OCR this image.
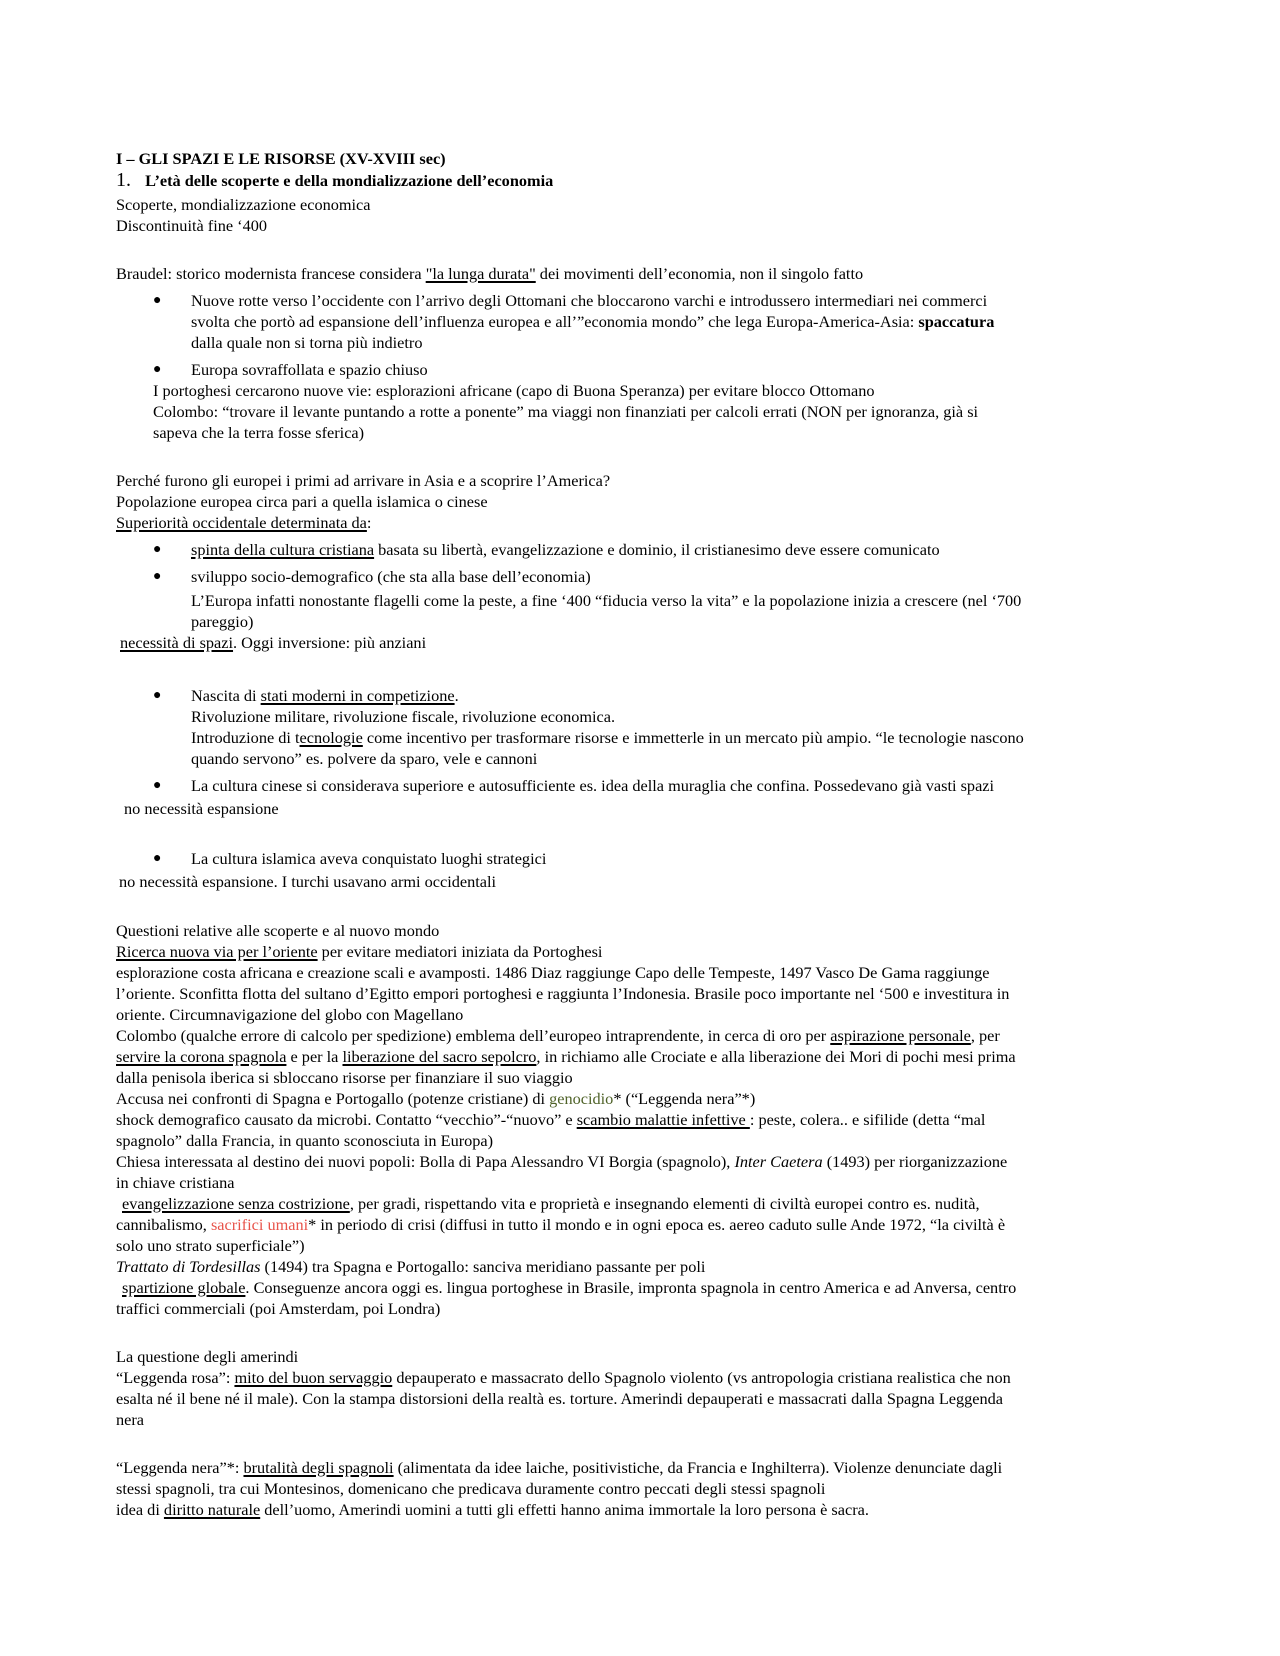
I – GLI SPAZI E LE RISORSE (XV-XVIII sec)
1. L’età delle scoperte e della mondializzazione dell’economia
Scoperte, mondializzazione economica
Discontinuità fine ‘400
Braudel: storico modernista francese considera "la lunga durata" dei movimenti dell’economia, non il singolo fatto
● Nuove rotte verso l’occidente con l’arrivo degli Ottomani che bloccarono varchi e introdussero intermediari nei commerci
svolta che portò ad espansione dell’influenza europea e all’”economia mondo” che lega Europa-America-Asia: spaccatura
dalla quale non si torna più indietro
● Europa sovraffollata e spazio chiuso
I portoghesi cercarono nuove vie: esplorazioni africane (capo di Buona Speranza) per evitare blocco Ottomano
Colombo: “trovare il levante puntando a rotte a ponente” ma viaggi non finanziati per calcoli errati (NON per ignoranza, già si
sapeva che la terra fosse sferica)
Perché furono gli europei i primi ad arrivare in Asia e a scoprire l’America?
Popolazione europea circa pari a quella islamica o cinese
Superiorità occidentale determinata da:
● spinta della cultura cristiana basata su libertà, evangelizzazione e dominio, il cristianesimo deve essere comunicato
● sviluppo socio-demografico (che sta alla base dell’economia)
L’Europa infatti nonostante flagelli come la peste, a fine ‘400 “fiducia verso la vita” e la popolazione inizia a crescere (nel ‘700
pareggio)
necessità di spazi. Oggi inversione: più anziani
● Nascita di stati moderni in competizione.
Rivoluzione militare, rivoluzione fiscale, rivoluzione economica.
Introduzione di tecnologie come incentivo per trasformare risorse e immetterle in un mercato più ampio. “le tecnologie nascono
quando servono” es. polvere da sparo, vele e cannoni
● La cultura cinese si considerava superiore e autosufficiente es. idea della muraglia che confina. Possedevano già vasti spazi
no necessità espansione
● La cultura islamica aveva conquistato luoghi strategici
no necessità espansione. I turchi usavano armi occidentali
Questioni relative alle scoperte e al nuovo mondo
Ricerca nuova via per l’oriente per evitare mediatori iniziata da Portoghesi
esplorazione costa africana e creazione scali e avamposti. 1486 Diaz raggiunge Capo delle Tempeste, 1497 Vasco De Gama raggiunge
l’oriente. Sconfitta flotta del sultano d’Egitto empori portoghesi e raggiunta l’Indonesia. Brasile poco importante nel ‘500 e investitura in
oriente. Circumnavigazione del globo con Magellano
Colombo (qualche errore di calcolo per spedizione) emblema dell’europeo intraprendente, in cerca di oro per aspirazione personale, per
servire la corona spagnola e per la liberazione del sacro sepolcro, in richiamo alle Crociate e alla liberazione dei Mori di pochi mesi prima
dalla penisola iberica si sbloccano risorse per finanziare il suo viaggio
Accusa nei confronti di Spagna e Portogallo (potenze cristiane) di genocidio* (“Leggenda nera”*)
shock demografico causato da microbi. Contatto “vecchio”-“nuovo” e scambio malattie infettive : peste, colera.. e sifilide (detta “mal
spagnolo” dalla Francia, in quanto sconosciuta in Europa)
Chiesa interessata al destino dei nuovi popoli: Bolla di Papa Alessandro VI Borgia (spagnolo), Inter Caetera (1493) per riorganizzazione
in chiave cristiana
evangelizzazione senza costrizione, per gradi, rispettando vita e proprietà e insegnando elementi di civiltà europei contro es. nudità,
cannibalismo, sacrifici umani* in periodo di crisi (diffusi in tutto il mondo e in ogni epoca es. aereo caduto sulle Ande 1972, “la civiltà è
solo uno strato superficiale”)
Trattato di Tordesillas (1494) tra Spagna e Portogallo: sanciva meridiano passante per poli
spartizione globale. Conseguenze ancora oggi es. lingua portoghese in Brasile, impronta spagnola in centro America e ad Anversa, centro
traffici commerciali (poi Amsterdam, poi Londra)
La questione degli amerindi
“Leggenda rosa”: mito del buon servaggio depauperato e massacrato dello Spagnolo violento (vs antropologia cristiana realistica che non
esalta né il bene né il male). Con la stampa distorsioni della realtà es. torture. Amerindi depauperati e massacrati dalla Spagna Leggenda
nera
“Leggenda nera”*: brutalità degli spagnoli (alimentata da idee laiche, positivistiche, da Francia e Inghilterra). Violenze denunciate dagli
stessi spagnoli, tra cui Montesinos, domenicano che predicava duramente contro peccati degli stessi spagnoli
idea di diritto naturale dell’uomo, Amerindi uomini a tutti gli effetti hanno anima immortale la loro persona è sacra.
